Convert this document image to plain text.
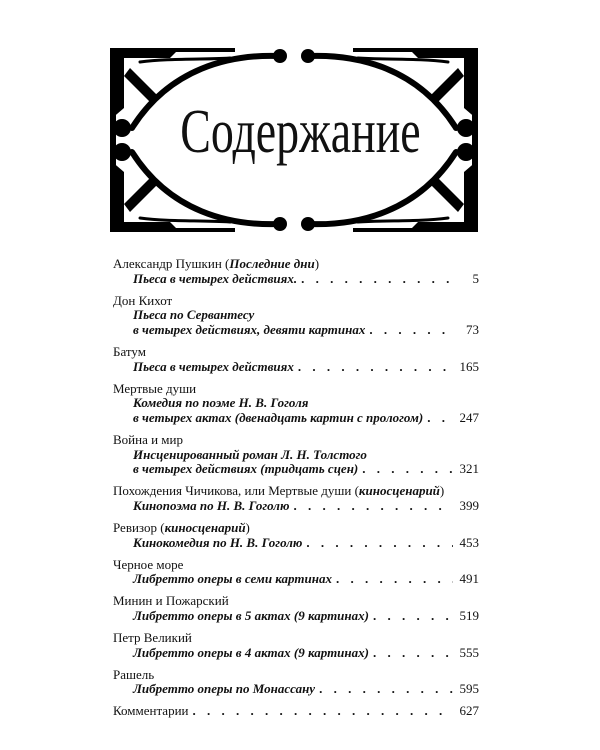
Содержание
Александр Пушкин ( Последние дни )
Пьеса в четырех действиях. . . .	5
Дон Кихот
Пьеса по Сервантесу
в четырех действиях, девяти картинах . . .	73
Батум
Пьеса в четырех действиях . . .	165
Мертвые души
Комедия по поэме Н. В. Гоголя
в четырех актах (двенадцать картин с прологом) . . .	247
Война и мир
Инсценированный роман Л. Н. Толстого
в четырех действиях (тридцать сцен) . . .	321
Похождения Чичикова, или Мертвые души ( киносценарий )
Кинопоэма по Н. В. Гоголю . . .	399
Ревизор ( киносценарий )
Кинокомедия по Н. В. Гоголю . . .	453
Черное море
Либретто оперы в семи картинах . . .	491
Минин и Пожарский
Либретто оперы в 5 актах (9 картинах) . . .	519
Петр Великий
Либретто оперы в 4 актах (9 картинах) . . .	555
Рашель
Либретто оперы по Монассану . . .	595
Комментарии . . .	627
